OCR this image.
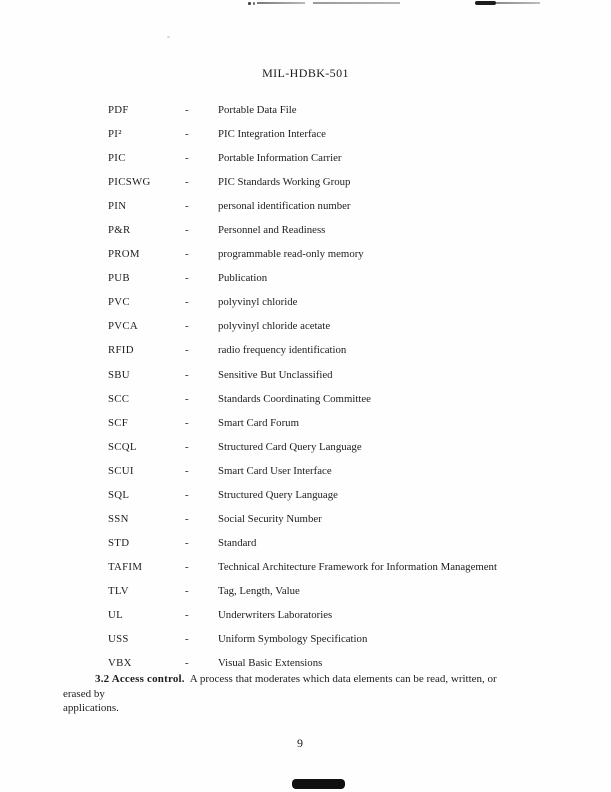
MIL-HDBK-501
PDF	-	Portable Data File
PI²	-	PIC Integration Interface
PIC	-	Portable Information Carrier
PICSWG	-	PIC Standards Working Group
PIN	-	personal identification number
P&R	-	Personnel and Readiness
PROM	-	programmable read-only memory
PUB	-	Publication
PVC	-	polyvinyl chloride
PVCA	-	polyvinyl chloride acetate
RFID	-	radio frequency identification
SBU	-	Sensitive But Unclassified
SCC	-	Standards Coordinating Committee
SCF	-	Smart Card Forum
SCQL	-	Structured Card Query Language
SCUI	-	Smart Card User Interface
SQL	-	Structured Query Language
SSN	-	Social Security Number
STD	-	Standard
TAFIM	-	Technical Architecture Framework for Information Management
TLV	-	Tag, Length, Value
UL	-	Underwriters Laboratories
USS	-	Uniform Symbology Specification
VBX	-	Visual Basic Extensions
3.2 Access control. A process that moderates which data elements can be read, written, or erased by
applications.
9
